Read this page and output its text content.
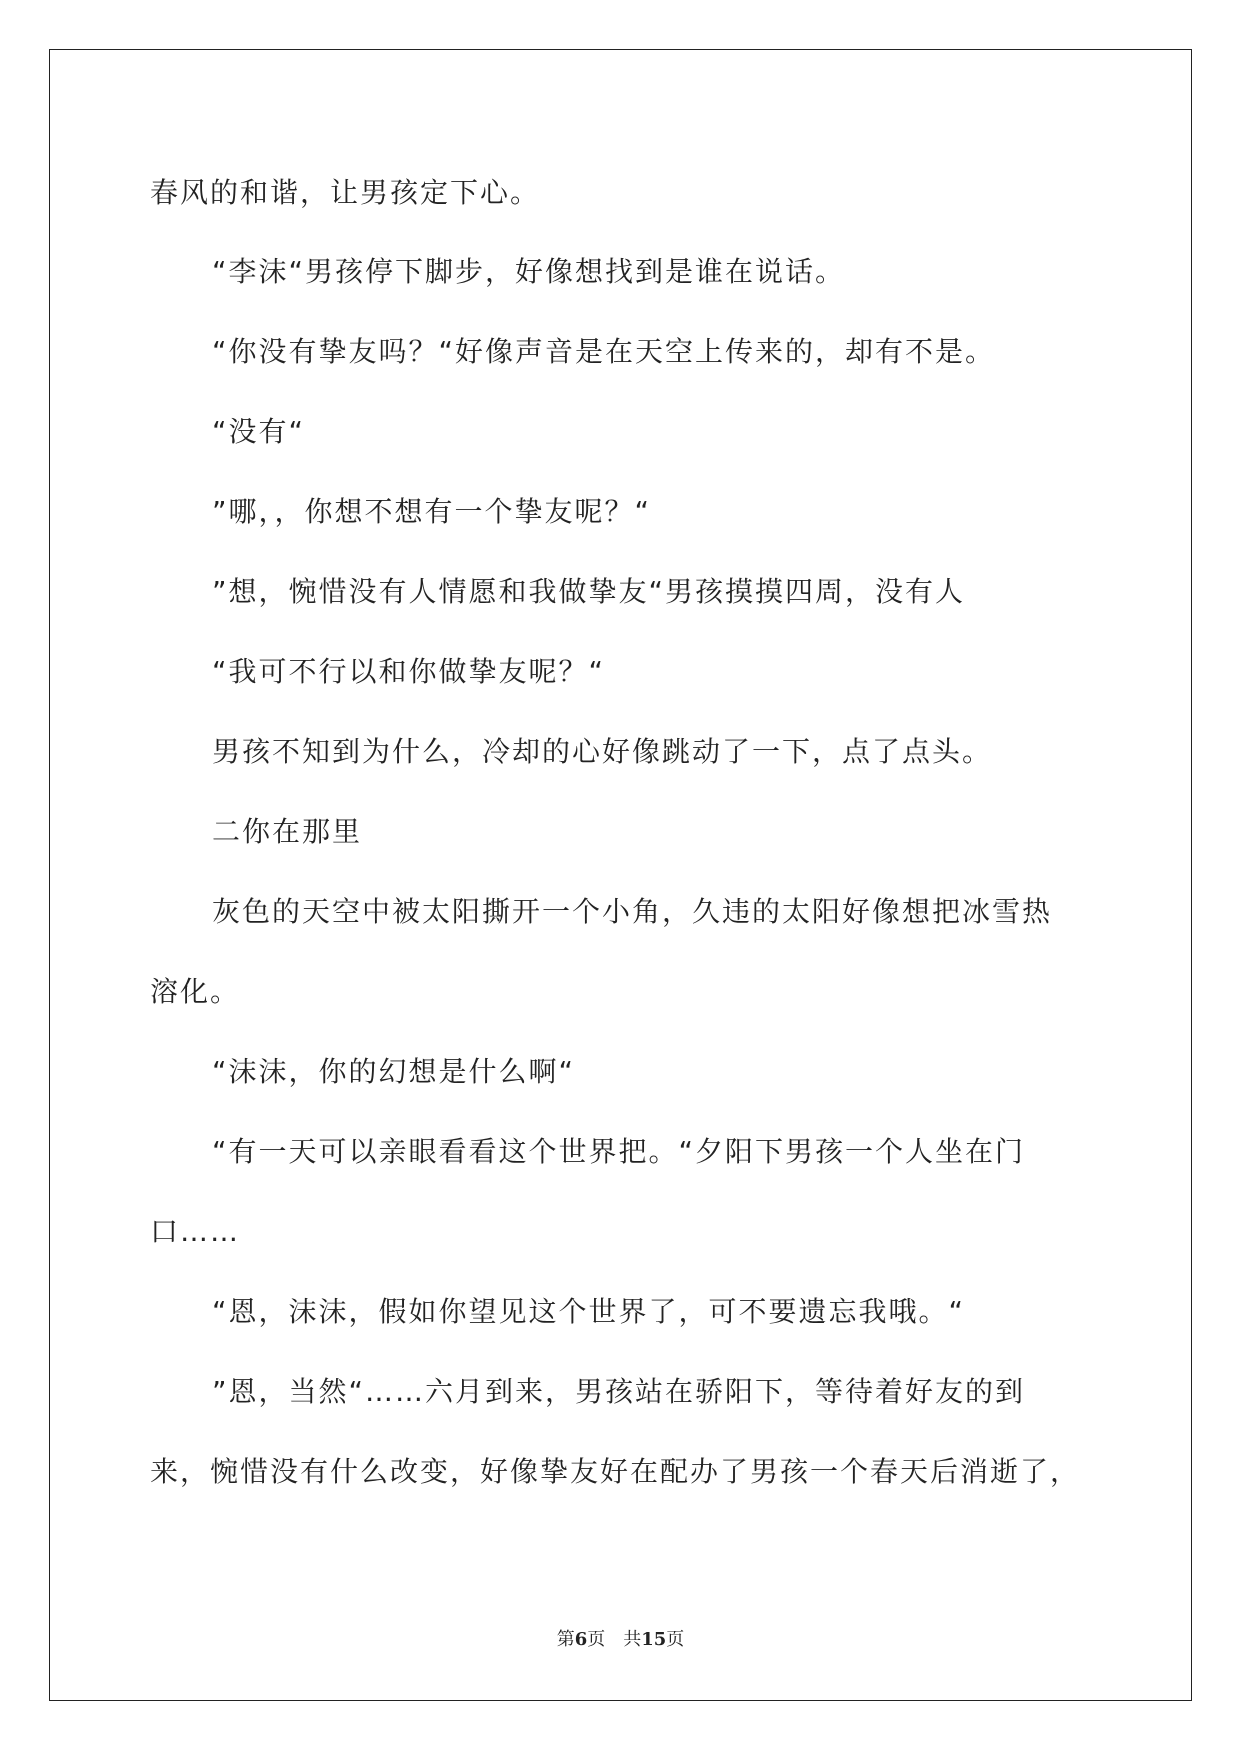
春风的和谐，让男孩定下心。
“李沫“男孩停下脚步，好像想找到是谁在说话。
“你没有挚友吗？“好像声音是在天空上传来的，却有不是。
“没有“
”哪，，你想不想有一个挚友呢？“
”想，惋惜没有人情愿和我做挚友“男孩摸摸四周，没有人
“我可不行以和你做挚友呢？“
男孩不知到为什么，冷却的心好像跳动了一下，点了点头。
二你在那里
灰色的天空中被太阳撕开一个小角，久违的太阳好像想把冰雪热
溶化。
“沫沫，你的幻想是什么啊“
“有一天可以亲眼看看这个世界把。“夕阳下男孩一个人坐在门
口……
“恩，沫沫，假如你望见这个世界了，可不要遗忘我哦。“
”恩，当然“……六月到来，男孩站在骄阳下，等待着好友的到
来，惋惜没有什么改变，好像挚友好在配办了男孩一个春天后消逝了，
第6页　共15页
